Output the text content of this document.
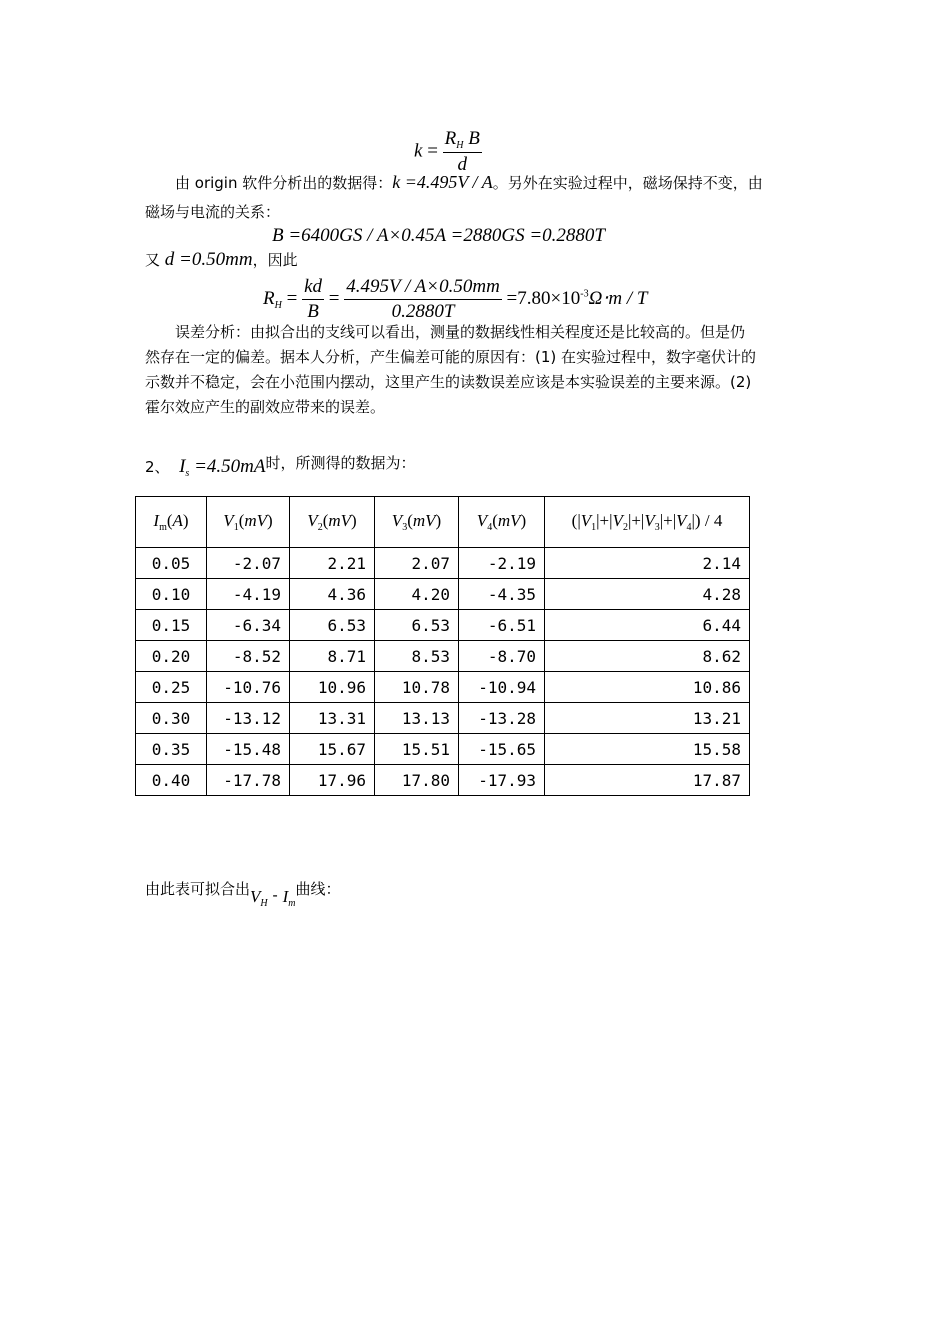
$k = \frac{R_H B}{d}$
由 origin 软件分析出的数据得：k =4.495V / A。另外在实验过程中，磁场保持不变，由
磁场与电流的关系：
B =6400GS / A×0.45A =2880GS =0.2880T
又 d =0.50mm，因此
$R_H = \frac{kd}{B} = \frac{4.495V / A\times 0.50mm}{0.2880T} =7.80\times 10^{-3}\Omega\cdot m / T$

误差分析：由拟合出的支线可以看出，测量的数据线性相关程度还是比较高的。但是仍

然存在一定的偏差。据本人分析，产生偏差可能的原因有：(1) 在实验过程中，数字毫伏计的

示数并不稳定，会在小范围内摆动，这里产生的读数误差应该是本实验误差的主要来源。(2)

霍尔效应产生的副效应带来的误差。

2、 $I_s =4.50mA$时，所测得的数据为：
$I_m(A)$	$V_1(mV)$	$V_2(mV)$	$V_3(mV)$	$V_4(mV)$	$(|V_1|+|V_2|+|V_3|+|V_4|) / 4$
0.05	-2.07	2.21	2.07	-2.19	2.14
0.10	-4.19	4.36	4.20	-4.35	4.28
0.15	-6.34	6.53	6.53	-6.51	6.44
0.20	-8.52	8.71	8.53	-8.70	8.62
0.25	-10.76	10.96	10.78	-10.94	10.86
0.30	-13.12	13.31	13.13	-13.28	13.21
0.35	-15.48	15.67	15.51	-15.65	15.58
0.40	-17.78	17.96	17.80	-17.93	17.87
由此表可拟合出$V_H - I_m$曲线：
